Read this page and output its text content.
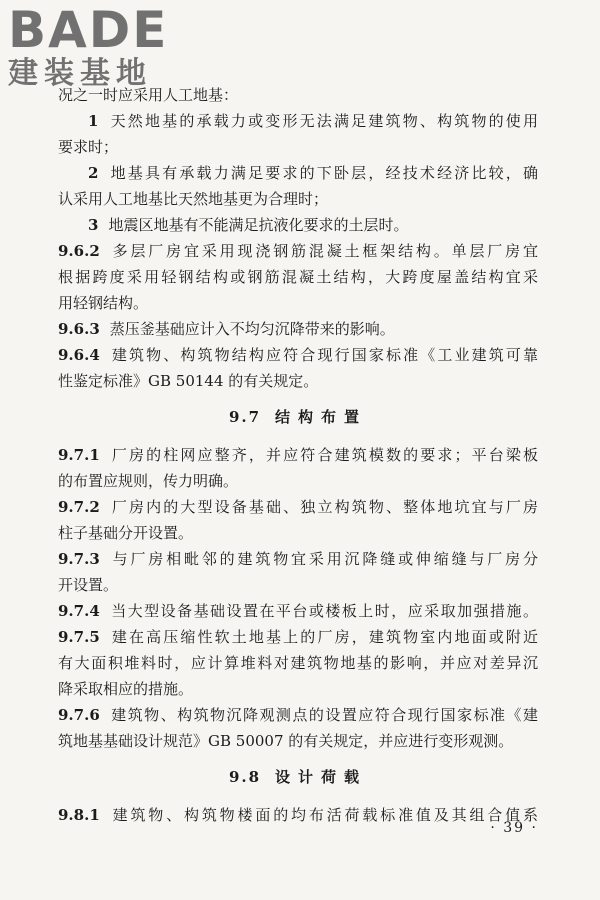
BADE
建装基地
况之一时应采用人工地基：
1 天然地基的承载力或变形无法满足建筑物、构筑物的使用
要求时；
2 地基具有承载力满足要求的下卧层，经技术经济比较，确
认采用人工地基比天然地基更为合理时；
3 地震区地基有不能满足抗液化要求的土层时。
9.6.2 多层厂房宜采用现浇钢筋混凝土框架结构。单层厂房宜
根据跨度采用轻钢结构或钢筋混凝土结构，大跨度屋盖结构宜采
用轻钢结构。
9.6.3 蒸压釜基础应计入不均匀沉降带来的影响。
9.6.4 建筑物、构筑物结构应符合现行国家标准《工业建筑可靠
性鉴定标准》GB 50144 的有关规定。
9.7 结构布置
9.7.1 厂房的柱网应整齐，并应符合建筑模数的要求；平台梁板
的布置应规则，传力明确。
9.7.2 厂房内的大型设备基础、独立构筑物、整体地坑宜与厂房
柱子基础分开设置。
9.7.3 与厂房相毗邻的建筑物宜采用沉降缝或伸缩缝与厂房分
开设置。
9.7.4 当大型设备基础设置在平台或楼板上时，应采取加强措施。
9.7.5 建在高压缩性软土地基上的厂房，建筑物室内地面或附近
有大面积堆料时，应计算堆料对建筑物地基的影响，并应对差异沉
降采取相应的措施。
9.7.6 建筑物、构筑物沉降观测点的设置应符合现行国家标准《建
筑地基基础设计规范》GB 50007 的有关规定，并应进行变形观测。
9.8 设计荷载
9.8.1 建筑物、构筑物楼面的均布活荷载标准值及其组合值系
· 39 ·
